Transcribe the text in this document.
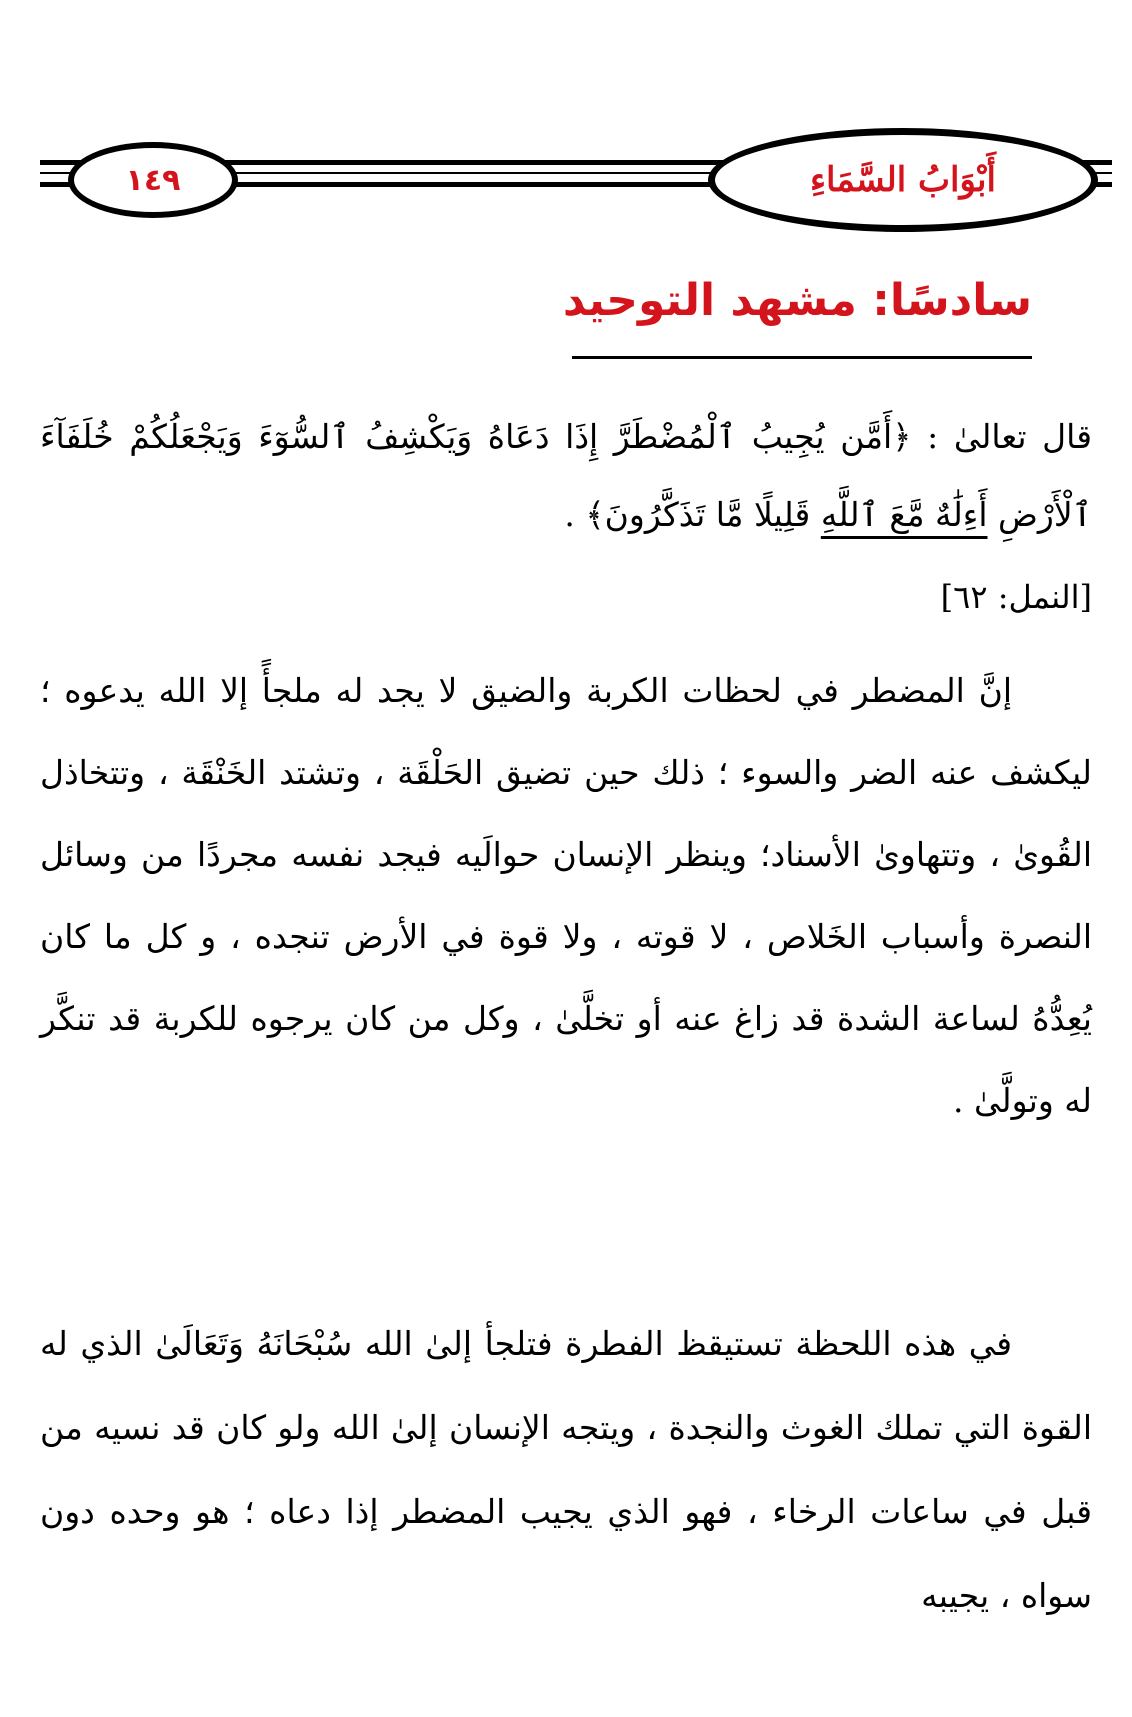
١٤٩	أَبْوَابُ السَّمَاءِ
سادسًا: مشهد التوحيد
قال تعالىٰ : ﴿أَمَّن يُجِيبُ ٱلْمُضْطَرَّ إِذَا دَعَاهُ وَيَكْشِفُ ٱلسُّوٓءَ وَيَجْعَلُكُمْ خُلَفَآءَ ٱلْأَرْضِ أَءِلَٰهٌ مَّعَ ٱللَّهِ قَلِيلًا مَّا تَذَكَّرُونَ﴾ .
[النمل: ٦٢]

إنَّ المضطر في لحظات الكربة والضيق لا يجد له ملجأً إلا الله يدعوه ؛ ليكشف عنه الضر والسوء ؛ ذلك حين تضيق الحَلْقَة ، وتشتد الخَنْقَة ، وتتخاذل القُوىٰ ، وتتهاوىٰ الأسناد؛ وينظر الإنسان حوالَيه فيجد نفسه مجردًا من وسائل النصرة وأسباب الخَلاص ، لا قوته ، ولا قوة في الأرض تنجده ، و كل ما كان يُعِدُّهُ لساعة الشدة قد زاغ عنه أو تخلَّىٰ ، وكل من كان يرجوه للكربة قد تنكَّر له وتولَّىٰ .

في هذه اللحظة تستيقظ الفطرة فتلجأ إلىٰ الله سُبْحَانَهُ وَتَعَالَىٰ الذي له القوة التي تملك الغوث والنجدة ، ويتجه الإنسان إلىٰ الله ولو كان قد نسيه من قبل في ساعات الرخاء ، فهو الذي يجيب المضطر إذا دعاه ؛ هو وحده دون سواه ، يجيبه
